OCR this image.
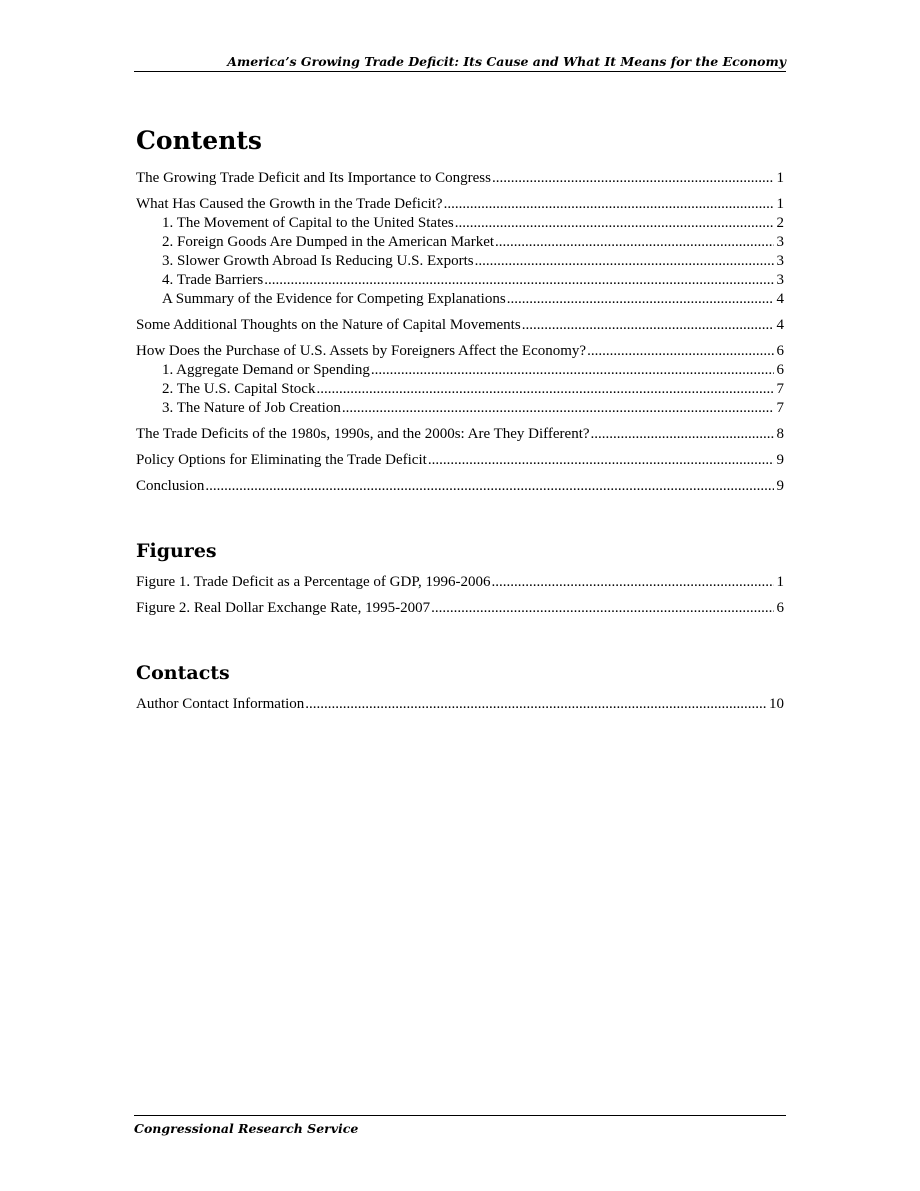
America’s Growing Trade Deficit: Its Cause and What It Means for the Economy
Contents
The Growing Trade Deficit and Its Importance to Congress .....	1
What Has Caused the Growth in the Trade Deficit? .....	1
1. The Movement of Capital to the United States .....	2
2. Foreign Goods Are Dumped in the American Market .....	3
3. Slower Growth Abroad Is Reducing U.S. Exports .....	3
4. Trade Barriers .....	3
A Summary of the Evidence for Competing Explanations .....	4
Some Additional Thoughts on the Nature of Capital Movements .....	4
How Does the Purchase of U.S. Assets by Foreigners Affect the Economy? .....	6
1. Aggregate Demand or Spending .....	6
2. The U.S. Capital Stock .....	7
3. The Nature of Job Creation .....	7
The Trade Deficits of the 1980s, 1990s, and the 2000s: Are They Different? .....	8
Policy Options for Eliminating the Trade Deficit .....	9
Conclusion .....	9
Figures
Figure 1. Trade Deficit as a Percentage of GDP, 1996-2006 .....	1
Figure 2. Real Dollar Exchange Rate, 1995-2007 .....	6
Contacts
Author Contact Information .....	10
Congressional Research Service
